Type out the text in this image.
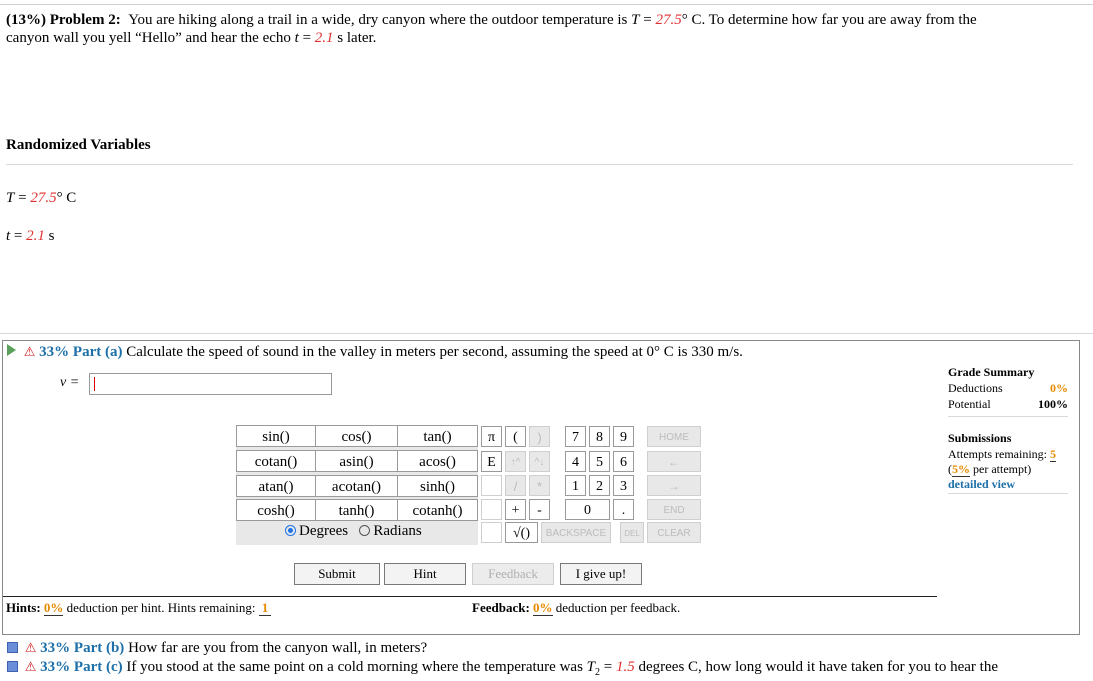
(13%) Problem 2: You are hiking along a trail in a wide, dry canyon where the outdoor temperature is T = 27.5° C. To determine how far you are away from the
canyon wall you yell “Hello” and hear the echo t = 2.1 s later.
Randomized Variables
T = 27.5° C
t = 2.1 s
⚠ 33% Part (a) Calculate the speed of sound in the valley in meters per second, assuming the speed at 0° C is 330 m/s.
v =
sin()	cos()	tan()
cotan()	asin()	acos()
atan()	acotan()	sinh()
cosh()	tanh()	cotanh()
Degrees Radians
π	(	)
E	↑^	^↓
/	*
+	-
√()
7	8	9
4	5	6
1	2	3
0	.
HOME
←
→
END
BACKSPACE	DEL	CLEAR
Submit	Hint	Feedback	I give up!
Hints: 0% deduction per hint. Hints remaining: 1	Feedback: 0% deduction per feedback.
Grade Summary
Deductions	0%
Potential	100%
Submissions
Attempts remaining: 5
(5% per attempt)
detailed view
⚠ 33% Part (b) How far are you from the canyon wall, in meters?
⚠ 33% Part (c) If you stood at the same point on a cold morning where the temperature was $T_2 = 1.5$ degrees C, how long would it have taken for you to hear the
